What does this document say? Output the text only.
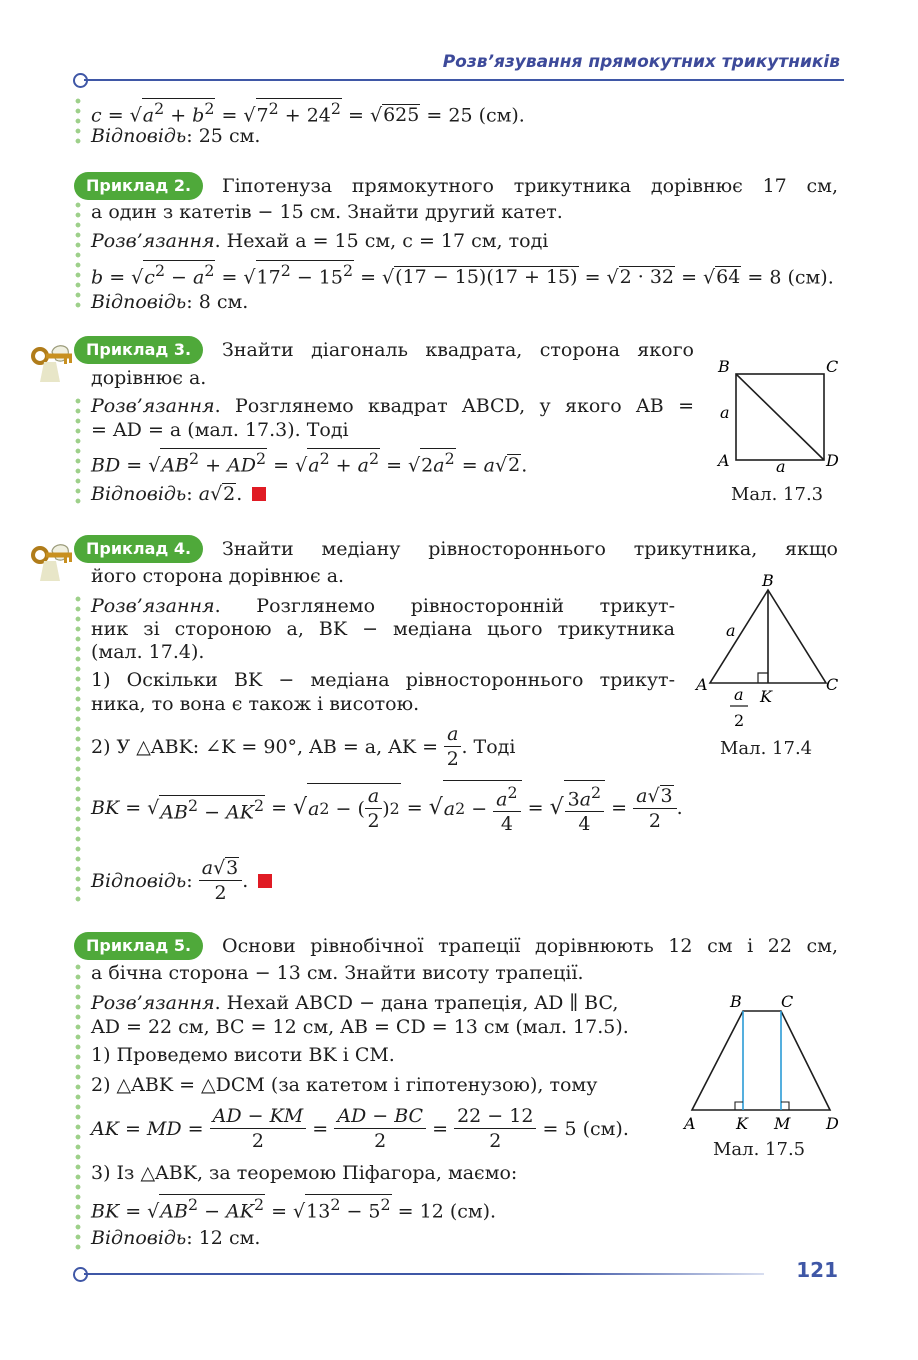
Розв’язування прямокутних трикутників
$c = √a^2 + b^2 = √7^2 + 24^2 = √625 = 25$ (см).
Відповідь: 25 см.
Приклад 2.	Гіпотенуза прямокутного трикутника дорівнює 17 см,
а один з катетів − 15 см. Знайти другий катет.
Розв’язання. Нехай a = 15 см, c = 17 см, тоді
$b = √c^2 - a^2 = √17^2 - 15^2 = √(17 - 15)(17 + 15) = √2 \cdot 32 = √64 = 8$ (см).
Відповідь: 8 см.
Приклад 3.	Знайти діагональ квадрата, сторона якого
дорівнює a.
Розв’язання. Розглянемо квадрат ABCD, у якого AB =
= AD = a (мал. 17.3). Тоді
BD = $√AB^2 + AD^2 = √a^2 + a^2 = √2a^2 = a√2$.
Відповідь: a√2.
B	C
A	D
a
a
Мал. 17.3
Приклад 4.	Знайти медіану рівностороннього трикутника, якщо
його сторона дорівнює a.
Розв’язання. Розглянемо рівносторонній трикут-
ник зі стороною a, BK − медіана цього трикутника
(мал. 17.4).
1) Оскільки BK − медіана рівностороннього трикут-
ника, то вона є також і висотою.
2) У △ABK: ∠K = 90°, AB = a, AK =
$\frac{a}{2}$ . Тоді
BK = √ $AB^2 - AK^2$ = √ a 2 − (
a
2
) 2 = √ a $2 - a^2$
4
= √ $3a^2$
4
=
a√3
2
.
Відповідь :
a√3
2
.
B
A	C
K
a
a
2
Мал. 17.4
Приклад 5.	Основи рівнобічної трапеції дорівнюють 12 см і 22 см,
а бічна сторона − 13 см. Знайти висоту трапеції.
Розв’язання. Нехай ABCD − дана трапеція, AD ∥ BC,
AD = 22 см, BC = 12 см, AB = CD = 13 см (мал. 17.5).
1) Проведемо висоти BK і CM.
2) △ABK = △DCM (за катетом і гіпотенузою), тому
AK = MD =
AD − KM
2
=
AD − BC
2
= $\frac{22 - 12}{2}$
= 5 (см).
3) Із △ABK, за теоремою Піфагора, маємо:
BK = $√AB^2 - AK^2 = √13^2 - 5^2 = 12$ (см).
Відповідь: 12 см.
B C
A	D
K M
Мал. 17.5
121
